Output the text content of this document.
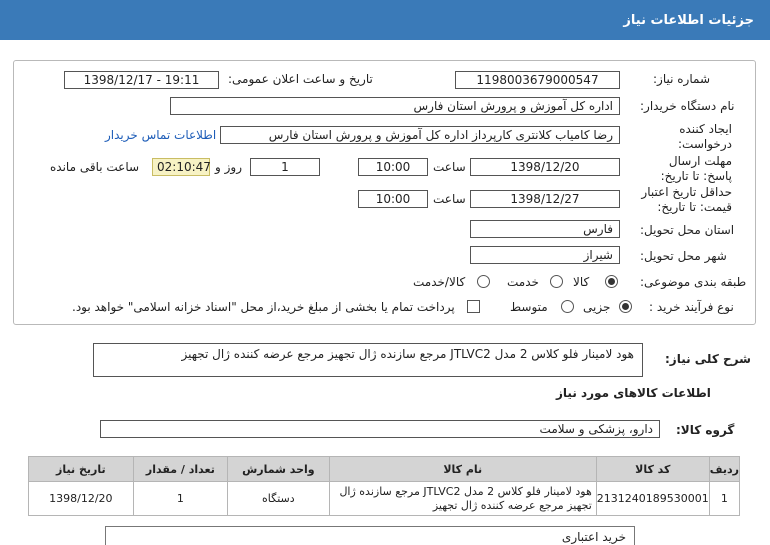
جزئیات اطلاعات نیاز
شماره نیاز:
1198003679000547
تاریخ و ساعت اعلان عمومی:
1398/12/17 - 19:11
نام دستگاه خریدار:
اداره کل آموزش و پرورش استان فارس
ایجاد کننده درخواست:
رضا کامیاب کلانتری کارپرداز اداره کل آموزش و پرورش استان فارس
اطلاعات تماس خریدار
مهلت ارسال پاسخ: تا تاریخ:
1398/12/20
ساعت
10:00
1
روز و
02:10:47
ساعت باقی مانده
حداقل تاریخ اعتبار قیمت: تا تاریخ:
1398/12/27
ساعت
10:00
استان محل تحویل:
فارس
شهر محل تحویل:
شیراز
طبقه بندی موضوعی:
کالا
خدمت
کالا/خدمت
نوع فرآیند خرید :
جزیی
متوسط
پرداخت تمام یا بخشی از مبلغ خرید،از محل "اسناد خزانه اسلامی" خواهد بود.
شرح کلی نیاز:
هود لامینار فلو کلاس 2 مدل JTLVC2 مرجع سازنده ژال تجهیز مرجع عرضه کننده ژال تجهیز
اطلاعات کالاهای مورد نیاز
گروه کالا:
دارو، پزشکی و سلامت
ردیف	کد کالا	نام کالا	واحد شمارش	تعداد / مقدار	تاریخ نیاز
1	2131240189530001	هود لامینار فلو کلاس 2 مدل JTLVC2 مرجع سازنده ژال تجهیز مرجع عرضه کننده ژال تجهیز	دستگاه	1	1398/12/20
خرید اعتباری
